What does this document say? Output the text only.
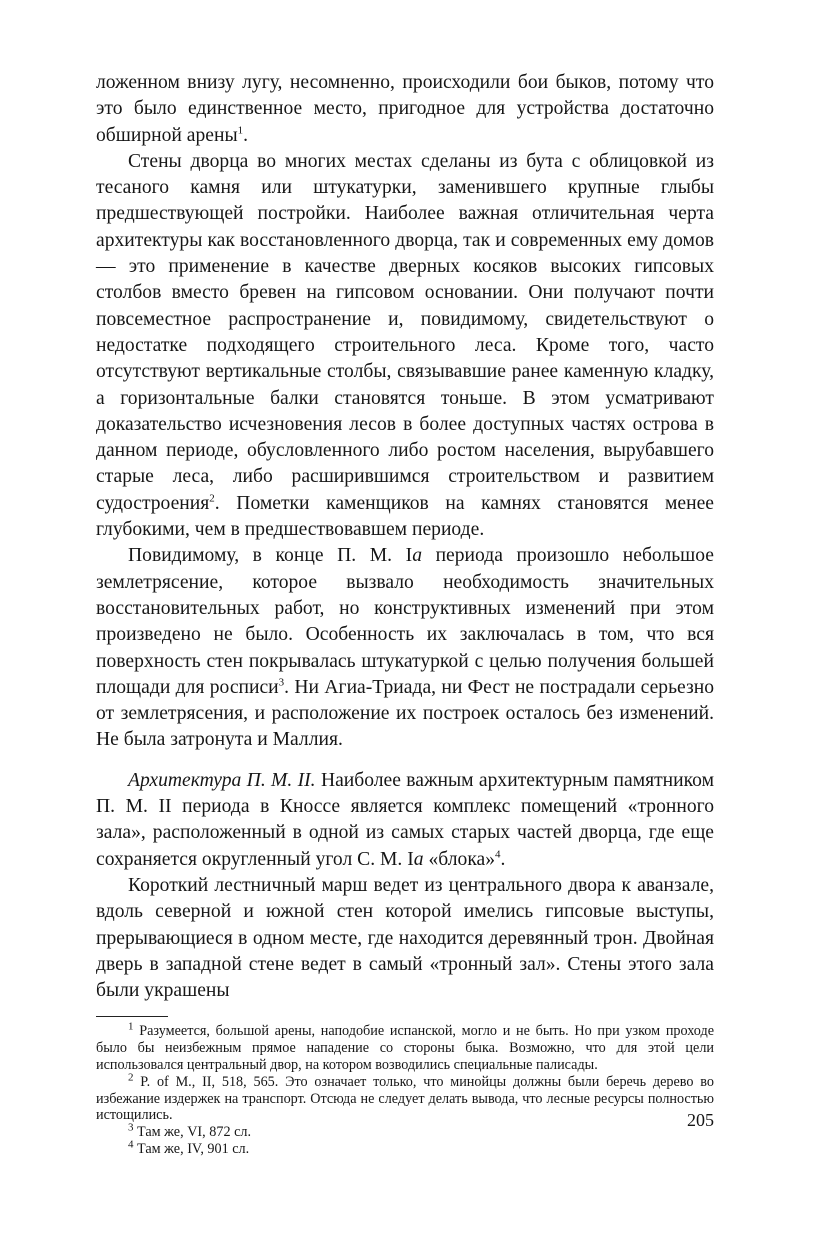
ложенном внизу лугу, несомненно, происходили бои быков, потому что это было единственное место, пригодное для устройства достаточно обширной арены$^1$.

Стены дворца во многих местах сделаны из бута с облицовкой из тесаного камня или штукатурки, заменившего крупные глыбы предшествующей постройки. Наиболее важная отличительная черта архитектуры как восстановленного дворца, так и современных ему домов — это применение в качестве дверных косяков высоких гипсовых столбов вместо бревен на гипсовом основании. Они получают почти повсеместное распространение и, повидимому, свидетельствуют о недостатке подходящего строительного леса. Кроме того, часто отсутствуют вертикальные столбы, связывавшие ранее каменную кладку, а горизонтальные балки становятся тоньше. В этом усматривают доказательство исчезновения лесов в более доступных частях острова в данном периоде, обусловленного либо ростом населения, вырубавшего старые леса, либо расширившимся строительством и развитием судостроения$^2$. Пометки каменщиков на камнях становятся менее глубокими, чем в предшествовавшем периоде.

Повидимому, в конце П. М. Ia периода произошло небольшое землетрясение, которое вызвало необходимость значительных восстановительных работ, но конструктивных изменений при этом произведено не было. Особенность их заключалась в том, что вся поверхность стен покрывалась штукатуркой с целью получения большей площади для росписи$^3$. Ни Агиа-Триада, ни Фест не пострадали серьезно от землетрясения, и расположение их построек осталось без изменений. Не была затронута и Маллия.

Архитектура П. М. II. Наиболее важным архитектурным памятником П. М. II периода в Кноссе является комплекс помещений «тронного зала», расположенный в одной из самых старых частей дворца, где еще сохраняется округленный угол С. М. Ia «блока»$^4$.

Короткий лестничный марш ведет из центрального двора к аванзале, вдоль северной и южной стен которой имелись гипсовые выступы, прерывающиеся в одном месте, где находится деревянный трон. Двойная дверь в западной стене ведет в самый «тронный зал». Стены этого зала были украшены

$^1$ Разумеется, большой арены, наподобие испанской, могло и не быть. Но при узком проходе было бы неизбежным прямое нападение со стороны быка. Возможно, что для этой цели использовался центральный двор, на котором возводились специальные палисады.

$^2$ P. of M., II, 518, 565. Это означает только, что минойцы должны были беречь дерево во избежание издержек на транспорт. Отсюда не следует делать вывода, что лесные ресурсы полностью истощились.

$^3$ Там же, VI, 872 сл.

$^4$ Там же, IV, 901 сл.

205
